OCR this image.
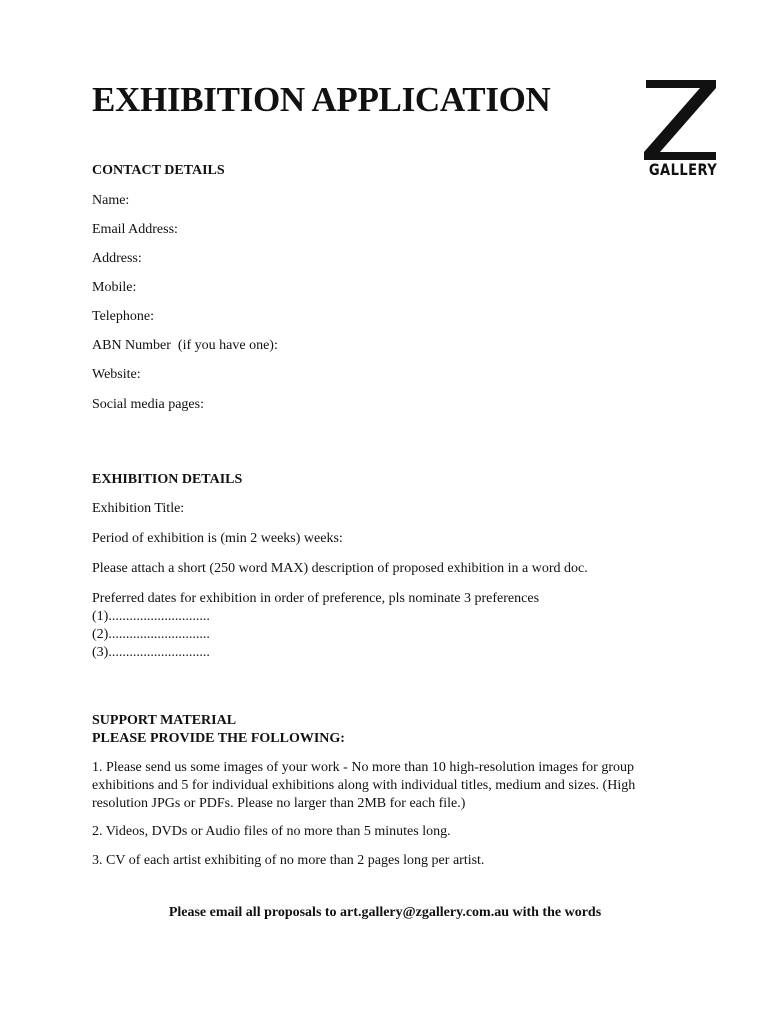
EXHIBITION APPLICATION
GALLERY

CONTACT DETAILS

Name:

Email Address:

Address:

Mobile:

Telephone:

ABN Number  (if you have one):

Website:

Social media pages:

EXHIBITION DETAILS

Exhibition Title:

Period of exhibition is (min 2 weeks) weeks:

Please attach a short (250 word MAX) description of proposed exhibition in a word doc.

Preferred dates for exhibition in order of preference, pls nominate 3 preferences
(1).............................
(2).............................
(3).............................
SUPPORT MATERIAL
PLEASE PROVIDE THE FOLLOWING:

1. Please send us some images of your work - No more than 10 high-resolution images for group exhibitions and 5 for individual exhibitions along with individual titles, medium and sizes. (High resolution JPGs or PDFs. Please no larger than 2MB for each file.)

2. Videos, DVDs or Audio files of no more than 5 minutes long.

3. CV of each artist exhibiting of no more than 2 pages long per artist.

Please email all proposals to art.gallery@zgallery.com.au with the words
